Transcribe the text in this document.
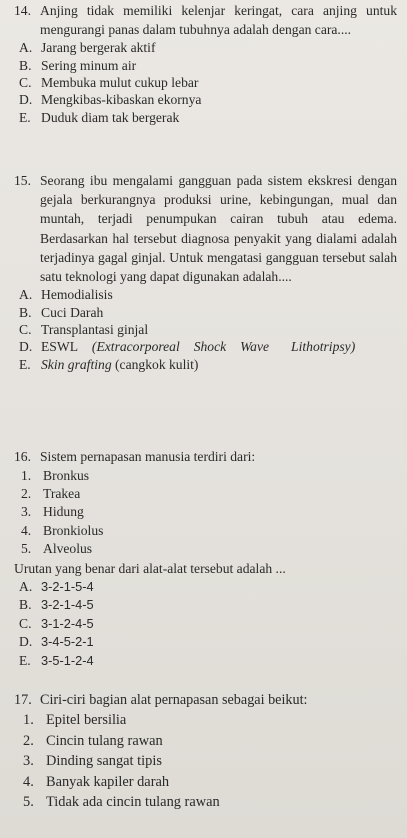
14. Anjing tidak memiliki kelenjar keringat, cara anjing untuk mengurangi panas dalam tubuhnya adalah dengan cara....
A. Jarang bergerak aktif
B. Sering minum air
C. Membuka mulut cukup lebar
D. Mengkibas-kibaskan ekornya
E. Duduk diam tak bergerak
15. Seorang ibu mengalami gangguan pada sistem ekskresi dengan gejala berkurangnya produksi urine, kebingungan, mual dan muntah, terjadi penumpukan cairan tubuh atau edema. Berdasarkan hal tersebut diagnosa penyakit yang dialami adalah terjadinya gagal ginjal. Untuk mengatasi gangguan tersebut salah satu teknologi yang dapat digunakan adalah....
A. Hemodialisis
B. Cuci Darah
C. Transplantasi ginjal
D. ESWL (Extracorporeal Shock Wave Lithotripsy)
E. Skin grafting (cangkok kulit)
16. Sistem pernapasan manusia terdiri dari:
1. Bronkus
2. Trakea
3. Hidung
4. Bronkiolus
5. Alveolus
Urutan yang benar dari alat-alat tersebut adalah ...
A. 3-2-1-5-4
B. 3-2-1-4-5
C. 3-1-2-4-5
D. 3-4-5-2-1
E. 3-5-1-2-4
17. Ciri-ciri bagian alat pernapasan sebagai beikut:
1. Epitel bersilia
2. Cincin tulang rawan
3. Dinding sangat tipis
4. Banyak kapiler darah
5. Tidak ada cincin tulang rawan
